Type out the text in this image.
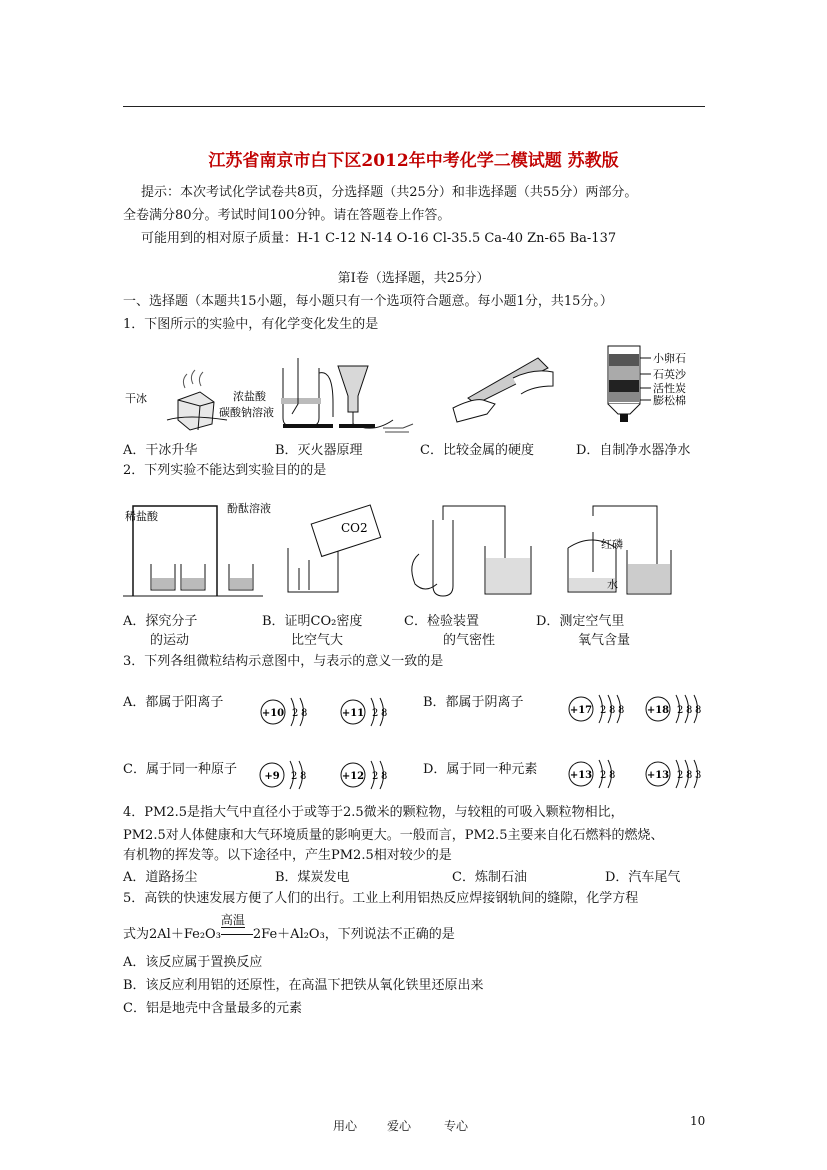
江苏省南京市白下区2012年中考化学二模试题 苏教版
提示：本次考试化学试卷共8页，分选择题（共25分）和非选择题（共55分）两部分。
全卷满分80分。考试时间100分钟。请在答题卷上作答。
可能用到的相对原子质量：H-1 C-12 N-14 O-16 Cl-35.5 Ca-40 Zn-65 Ba-137
第Ⅰ卷（选择题，共25分）
一、选择题（本题共15小题，每小题只有一个选项符合题意。每小题1分，共15分。）
1．下图所示的实验中，有化学变化发生的是
干冰	浓盐酸
碳酸钠溶液
小卵石
石英沙
活性炭
膨松棉
A．干冰升华	B．灭火器原理	C．比较金属的硬度	D．自制净水器净水
2．下列实验不能达到实验目的的是
稀盐酸
酚酞溶液
CO2
红磷
水
A．探究分子
的运动
B．证明CO₂密度
比空气大
C．检验装置
的气密性
D．测定空气里
氧气含量
3．下列各组微粒结构示意图中，与表示的意义一致的是
A．都属于阳离子	B．都属于阴离子
C．属于同一种原子	D．属于同一种元素
+10 2 8	+11 2 8	+17 2 8 8 +18 2 8 8
+9 2 8	+12 2 8	+13 2 8	+13 2 8 3
4．PM2.5是指大气中直径小于或等于2.5微米的颗粒物，与较粗的可吸入颗粒物相比，
PM2.5对人体健康和大气环境质量的影响更大。一般而言，PM2.5主要来自化石燃料的燃烧、
有机物的挥发等。以下途径中，产生PM2.5相对较少的是
A．道路扬尘	B．煤炭发电	C．炼制石油	D．汽车尾气
5．高铁的快速发展方便了人们的出行。工业上利用铝热反应焊接钢轨间的缝隙，化学方程
式为2Al＋Fe₂O₃
高温
2Fe＋Al₂O₃，下列说法不正确的是
A．该反应属于置换反应
B．该反应利用铝的还原性，在高温下把铁从氧化铁里还原出来
C．铝是地壳中含量最多的元素
用心 爱心	专心	10
